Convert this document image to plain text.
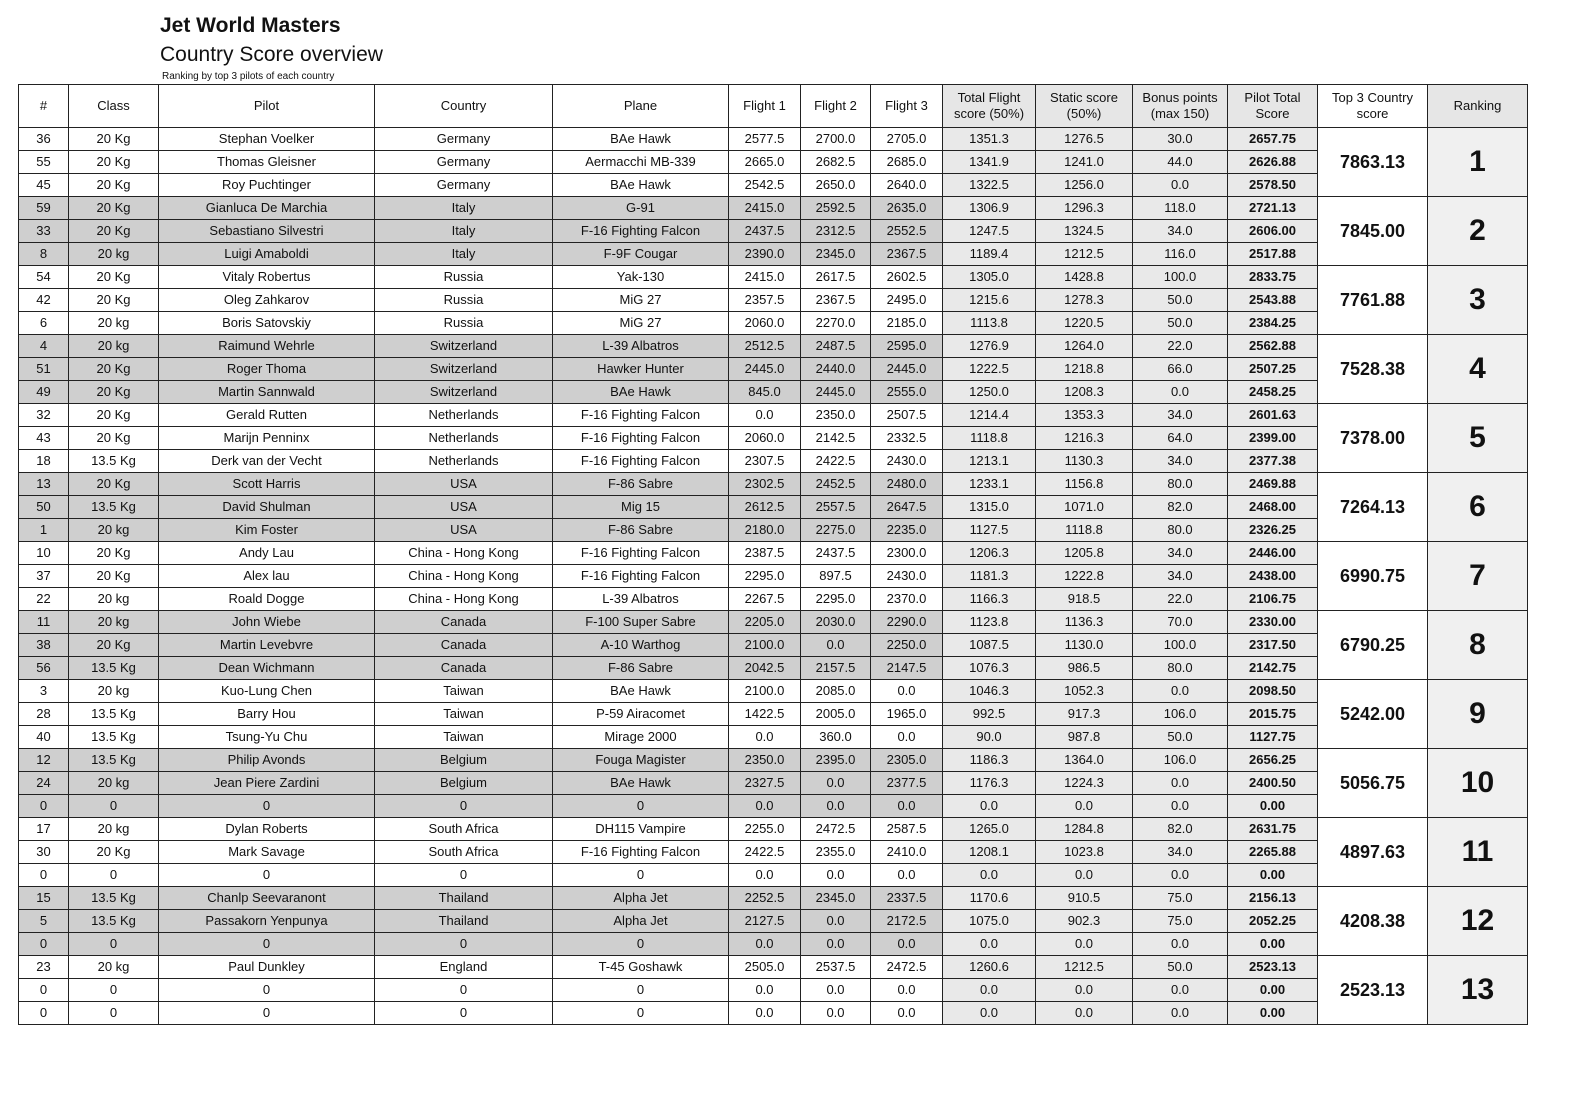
Jet World Masters
Country Score overview
Ranking by top 3 pilots of each country
#	Class	Pilot	Country	Plane	Flight 1	Flight 2	Flight 3	Total Flight score (50%)	Static score (50%)	Bonus points (max 150)	Pilot Total Score	Top 3 Country score	Ranking
36	20 Kg	Stephan Voelker	Germany	BAe Hawk	2577.5	2700.0	2705.0	1351.3	1276.5	30.0	2657.75	7863.13	1
55	20 Kg	Thomas Gleisner	Germany	Aermacchi MB-339	2665.0	2682.5	2685.0	1341.9	1241.0	44.0	2626.88		
45	20 Kg	Roy Puchtinger	Germany	BAe Hawk	2542.5	2650.0	2640.0	1322.5	1256.0	0.0	2578.50		
59	20 Kg	Gianluca De Marchia	Italy	G-91	2415.0	2592.5	2635.0	1306.9	1296.3	118.0	2721.13	7845.00	2
33	20 Kg	Sebastiano Silvestri	Italy	F-16 Fighting Falcon	2437.5	2312.5	2552.5	1247.5	1324.5	34.0	2606.00		
8	20 kg	Luigi Amaboldi	Italy	F-9F Cougar	2390.0	2345.0	2367.5	1189.4	1212.5	116.0	2517.88		
54	20 Kg	Vitaly Robertus	Russia	Yak-130	2415.0	2617.5	2602.5	1305.0	1428.8	100.0	2833.75	7761.88	3
42	20 Kg	Oleg Zahkarov	Russia	MiG 27	2357.5	2367.5	2495.0	1215.6	1278.3	50.0	2543.88		
6	20 kg	Boris Satovskiy	Russia	MiG 27	2060.0	2270.0	2185.0	1113.8	1220.5	50.0	2384.25		
4	20 kg	Raimund Wehrle	Switzerland	L-39 Albatros	2512.5	2487.5	2595.0	1276.9	1264.0	22.0	2562.88	7528.38	4
51	20 Kg	Roger Thoma	Switzerland	Hawker Hunter	2445.0	2440.0	2445.0	1222.5	1218.8	66.0	2507.25		
49	20 Kg	Martin Sannwald	Switzerland	BAe Hawk	845.0	2445.0	2555.0	1250.0	1208.3	0.0	2458.25		
32	20 Kg	Gerald Rutten	Netherlands	F-16 Fighting Falcon	0.0	2350.0	2507.5	1214.4	1353.3	34.0	2601.63	7378.00	5
43	20 Kg	Marijn Penninx	Netherlands	F-16 Fighting Falcon	2060.0	2142.5	2332.5	1118.8	1216.3	64.0	2399.00		
18	13.5 Kg	Derk van der Vecht	Netherlands	F-16 Fighting Falcon	2307.5	2422.5	2430.0	1213.1	1130.3	34.0	2377.38		
13	20 Kg	Scott Harris	USA	F-86 Sabre	2302.5	2452.5	2480.0	1233.1	1156.8	80.0	2469.88	7264.13	6
50	13.5 Kg	David Shulman	USA	Mig 15	2612.5	2557.5	2647.5	1315.0	1071.0	82.0	2468.00		
1	20 kg	Kim Foster	USA	F-86 Sabre	2180.0	2275.0	2235.0	1127.5	1118.8	80.0	2326.25		
10	20 Kg	Andy Lau	China - Hong Kong	F-16 Fighting Falcon	2387.5	2437.5	2300.0	1206.3	1205.8	34.0	2446.00	6990.75	7
37	20 Kg	Alex lau	China - Hong Kong	F-16 Fighting Falcon	2295.0	897.5	2430.0	1181.3	1222.8	34.0	2438.00		
22	20 kg	Roald Dogge	China - Hong Kong	L-39 Albatros	2267.5	2295.0	2370.0	1166.3	918.5	22.0	2106.75		
11	20 kg	John Wiebe	Canada	F-100 Super Sabre	2205.0	2030.0	2290.0	1123.8	1136.3	70.0	2330.00	6790.25	8
38	20 Kg	Martin Levebvre	Canada	A-10 Warthog	2100.0	0.0	2250.0	1087.5	1130.0	100.0	2317.50		
56	13.5 Kg	Dean Wichmann	Canada	F-86 Sabre	2042.5	2157.5	2147.5	1076.3	986.5	80.0	2142.75		
3	20 kg	Kuo-Lung Chen	Taiwan	BAe Hawk	2100.0	2085.0	0.0	1046.3	1052.3	0.0	2098.50	5242.00	9
28	13.5 Kg	Barry Hou	Taiwan	P-59 Airacomet	1422.5	2005.0	1965.0	992.5	917.3	106.0	2015.75		
40	13.5 Kg	Tsung-Yu Chu	Taiwan	Mirage 2000	0.0	360.0	0.0	90.0	987.8	50.0	1127.75		
12	13.5 Kg	Philip Avonds	Belgium	Fouga Magister	2350.0	2395.0	2305.0	1186.3	1364.0	106.0	2656.25	5056.75	10
24	20 kg	Jean Piere Zardini	Belgium	BAe Hawk	2327.5	0.0	2377.5	1176.3	1224.3	0.0	2400.50		
0	0	0	0	0	0.0	0.0	0.0	0.0	0.0	0.0	0.00		
17	20 kg	Dylan Roberts	South Africa	DH115 Vampire	2255.0	2472.5	2587.5	1265.0	1284.8	82.0	2631.75	4897.63	11
30	20 Kg	Mark Savage	South Africa	F-16 Fighting Falcon	2422.5	2355.0	2410.0	1208.1	1023.8	34.0	2265.88		
0	0	0	0	0	0.0	0.0	0.0	0.0	0.0	0.0	0.00		
15	13.5 Kg	Chanlp Seevaranont	Thailand	Alpha Jet	2252.5	2345.0	2337.5	1170.6	910.5	75.0	2156.13	4208.38	12
5	13.5 Kg	Passakorn Yenpunya	Thailand	Alpha Jet	2127.5	0.0	2172.5	1075.0	902.3	75.0	2052.25		
0	0	0	0	0	0.0	0.0	0.0	0.0	0.0	0.0	0.00		
23	20 kg	Paul Dunkley	England	T-45 Goshawk	2505.0	2537.5	2472.5	1260.6	1212.5	50.0	2523.13	2523.13	13
0	0	0	0	0	0.0	0.0	0.0	0.0	0.0	0.0	0.00		
0	0	0	0	0	0.0	0.0	0.0	0.0	0.0	0.0	0.00		
